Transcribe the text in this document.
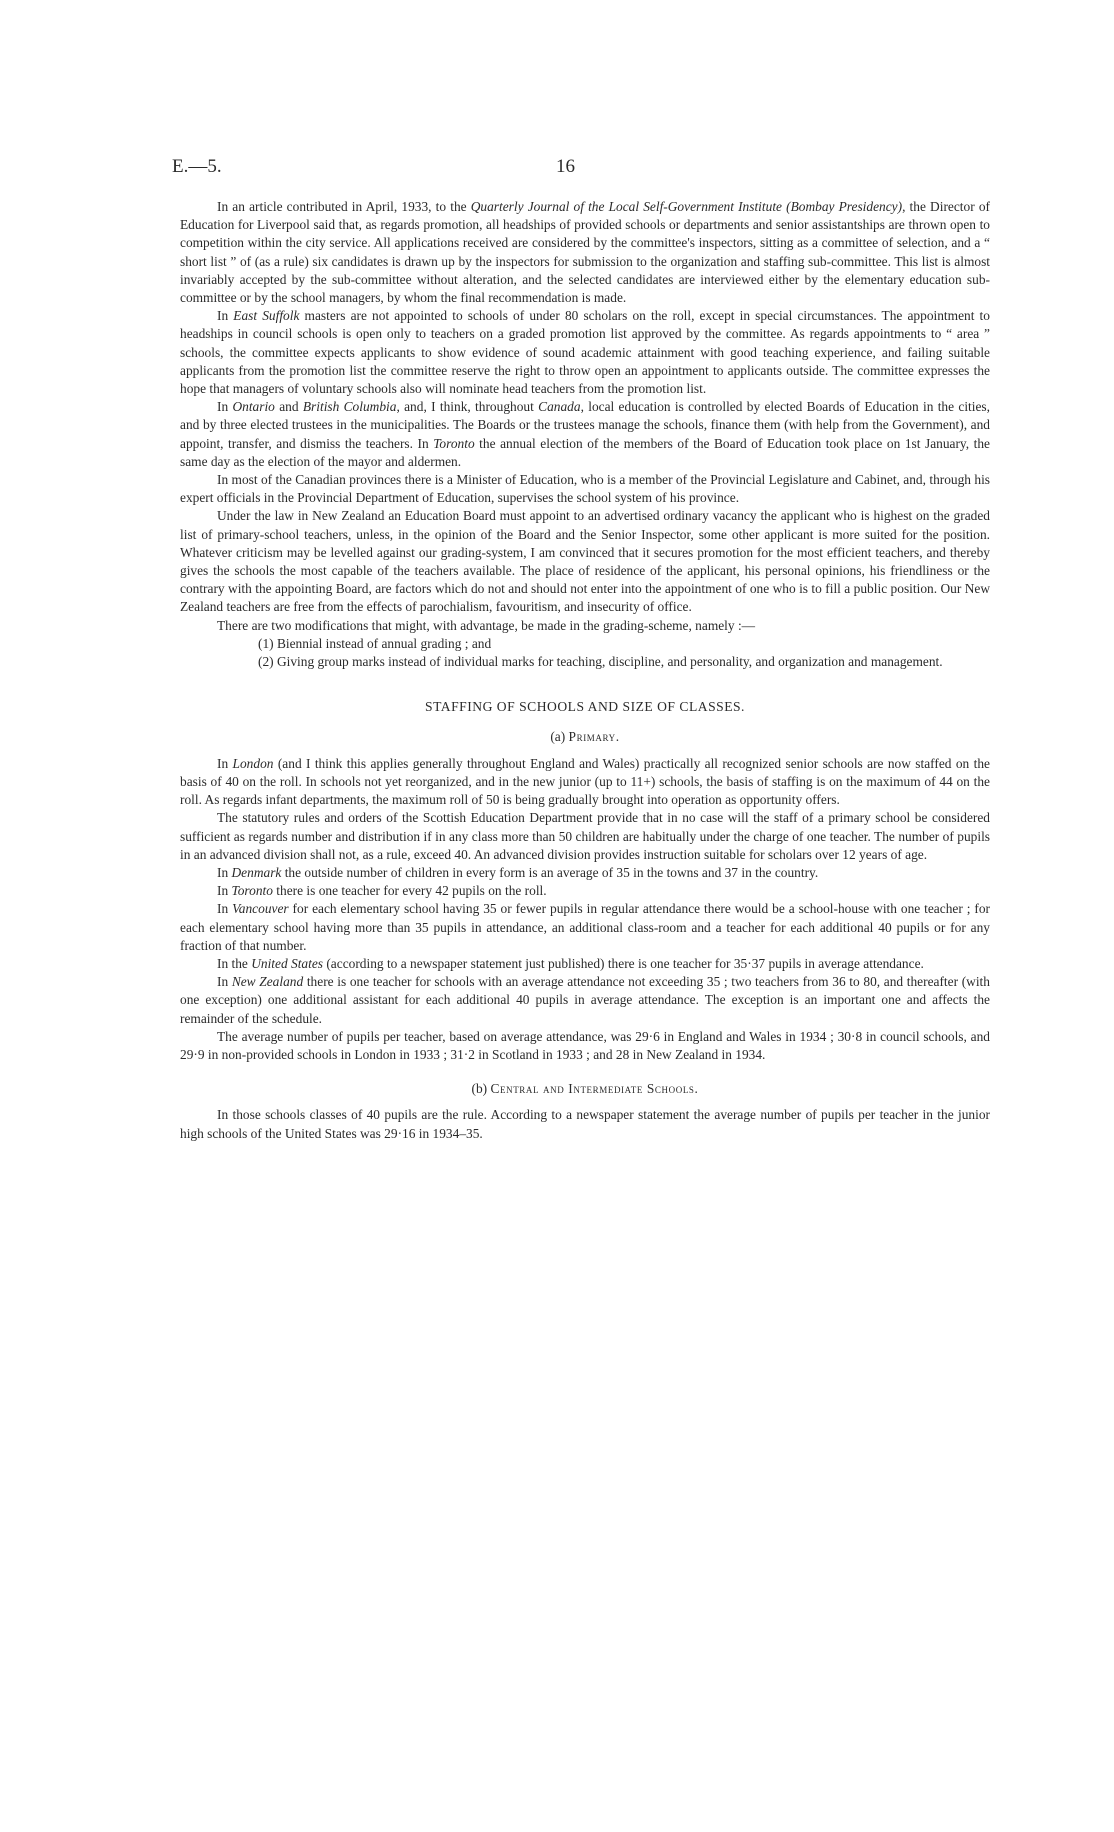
E.—5.	16

In an article contributed in April, 1933, to the Quarterly Journal of the Local Self-Government Institute (Bombay Presidency), the Director of Education for Liverpool said that, as regards promotion, all headships of provided schools or departments and senior assistantships are thrown open to competition within the city service. All applications received are considered by the committee's inspectors, sitting as a committee of selection, and a “ short list ” of (as a rule) six candidates is drawn up by the inspectors for submission to the organization and staffing sub-committee. This list is almost invariably accepted by the sub-committee without alteration, and the selected candidates are interviewed either by the elementary education sub-committee or by the school managers, by whom the final recommendation is made.

In East Suffolk masters are not appointed to schools of under 80 scholars on the roll, except in special circumstances. The appointment to headships in council schools is open only to teachers on a graded promotion list approved by the committee. As regards appointments to “ area ” schools, the committee expects applicants to show evidence of sound academic attainment with good teaching experience, and failing suitable applicants from the promotion list the committee reserve the right to throw open an appointment to applicants outside. The committee expresses the hope that managers of voluntary schools also will nominate head teachers from the promotion list.

In Ontario and British Columbia, and, I think, throughout Canada, local education is controlled by elected Boards of Education in the cities, and by three elected trustees in the municipalities. The Boards or the trustees manage the schools, finance them (with help from the Government), and appoint, transfer, and dismiss the teachers. In Toronto the annual election of the members of the Board of Education took place on 1st January, the same day as the election of the mayor and aldermen.

In most of the Canadian provinces there is a Minister of Education, who is a member of the Provincial Legislature and Cabinet, and, through his expert officials in the Provincial Department of Education, supervises the school system of his province.

Under the law in New Zealand an Education Board must appoint to an advertised ordinary vacancy the applicant who is highest on the graded list of primary-school teachers, unless, in the opinion of the Board and the Senior Inspector, some other applicant is more suited for the position. Whatever criticism may be levelled against our grading-system, I am convinced that it secures promotion for the most efficient teachers, and thereby gives the schools the most capable of the teachers available. The place of residence of the applicant, his personal opinions, his friendliness or the contrary with the appointing Board, are factors which do not and should not enter into the appointment of one who is to fill a public position. Our New Zealand teachers are free from the effects of parochialism, favouritism, and insecurity of office.

There are two modifications that might, with advantage, be made in the grading-scheme, namely :—

(1) Biennial instead of annual grading ; and
(2) Giving group marks instead of individual marks for teaching, discipline, and personality, and organization and management.
STAFFING OF SCHOOLS AND SIZE OF CLASSES.

(a) Primary.

In London (and I think this applies generally throughout England and Wales) practically all recognized senior schools are now staffed on the basis of 40 on the roll. In schools not yet reorganized, and in the new junior (up to 11+) schools, the basis of staffing is on the maximum of 44 on the roll. As regards infant departments, the maximum roll of 50 is being gradually brought into operation as opportunity offers.

The statutory rules and orders of the Scottish Education Department provide that in no case will the staff of a primary school be considered sufficient as regards number and distribution if in any class more than 50 children are habitually under the charge of one teacher. The number of pupils in an advanced division shall not, as a rule, exceed 40. An advanced division provides instruction suitable for scholars over 12 years of age.

In Denmark the outside number of children in every form is an average of 35 in the towns and 37 in the country.

In Toronto there is one teacher for every 42 pupils on the roll.

In Vancouver for each elementary school having 35 or fewer pupils in regular attendance there would be a school-house with one teacher ; for each elementary school having more than 35 pupils in attendance, an additional class-room and a teacher for each additional 40 pupils or for any fraction of that number.

In the United States (according to a newspaper statement just published) there is one teacher for 35·37 pupils in average attendance.

In New Zealand there is one teacher for schools with an average attendance not exceeding 35 ; two teachers from 36 to 80, and thereafter (with one exception) one additional assistant for each additional 40 pupils in average attendance. The exception is an important one and affects the remainder of the schedule.

The average number of pupils per teacher, based on average attendance, was 29·6 in England and Wales in 1934 ; 30·8 in council schools, and 29·9 in non-provided schools in London in 1933 ; 31·2 in Scotland in 1933 ; and 28 in New Zealand in 1934.

(b) Central and Intermediate Schools.

In those schools classes of 40 pupils are the rule. According to a newspaper statement the average number of pupils per teacher in the junior high schools of the United States was 29·16 in 1934–35.
